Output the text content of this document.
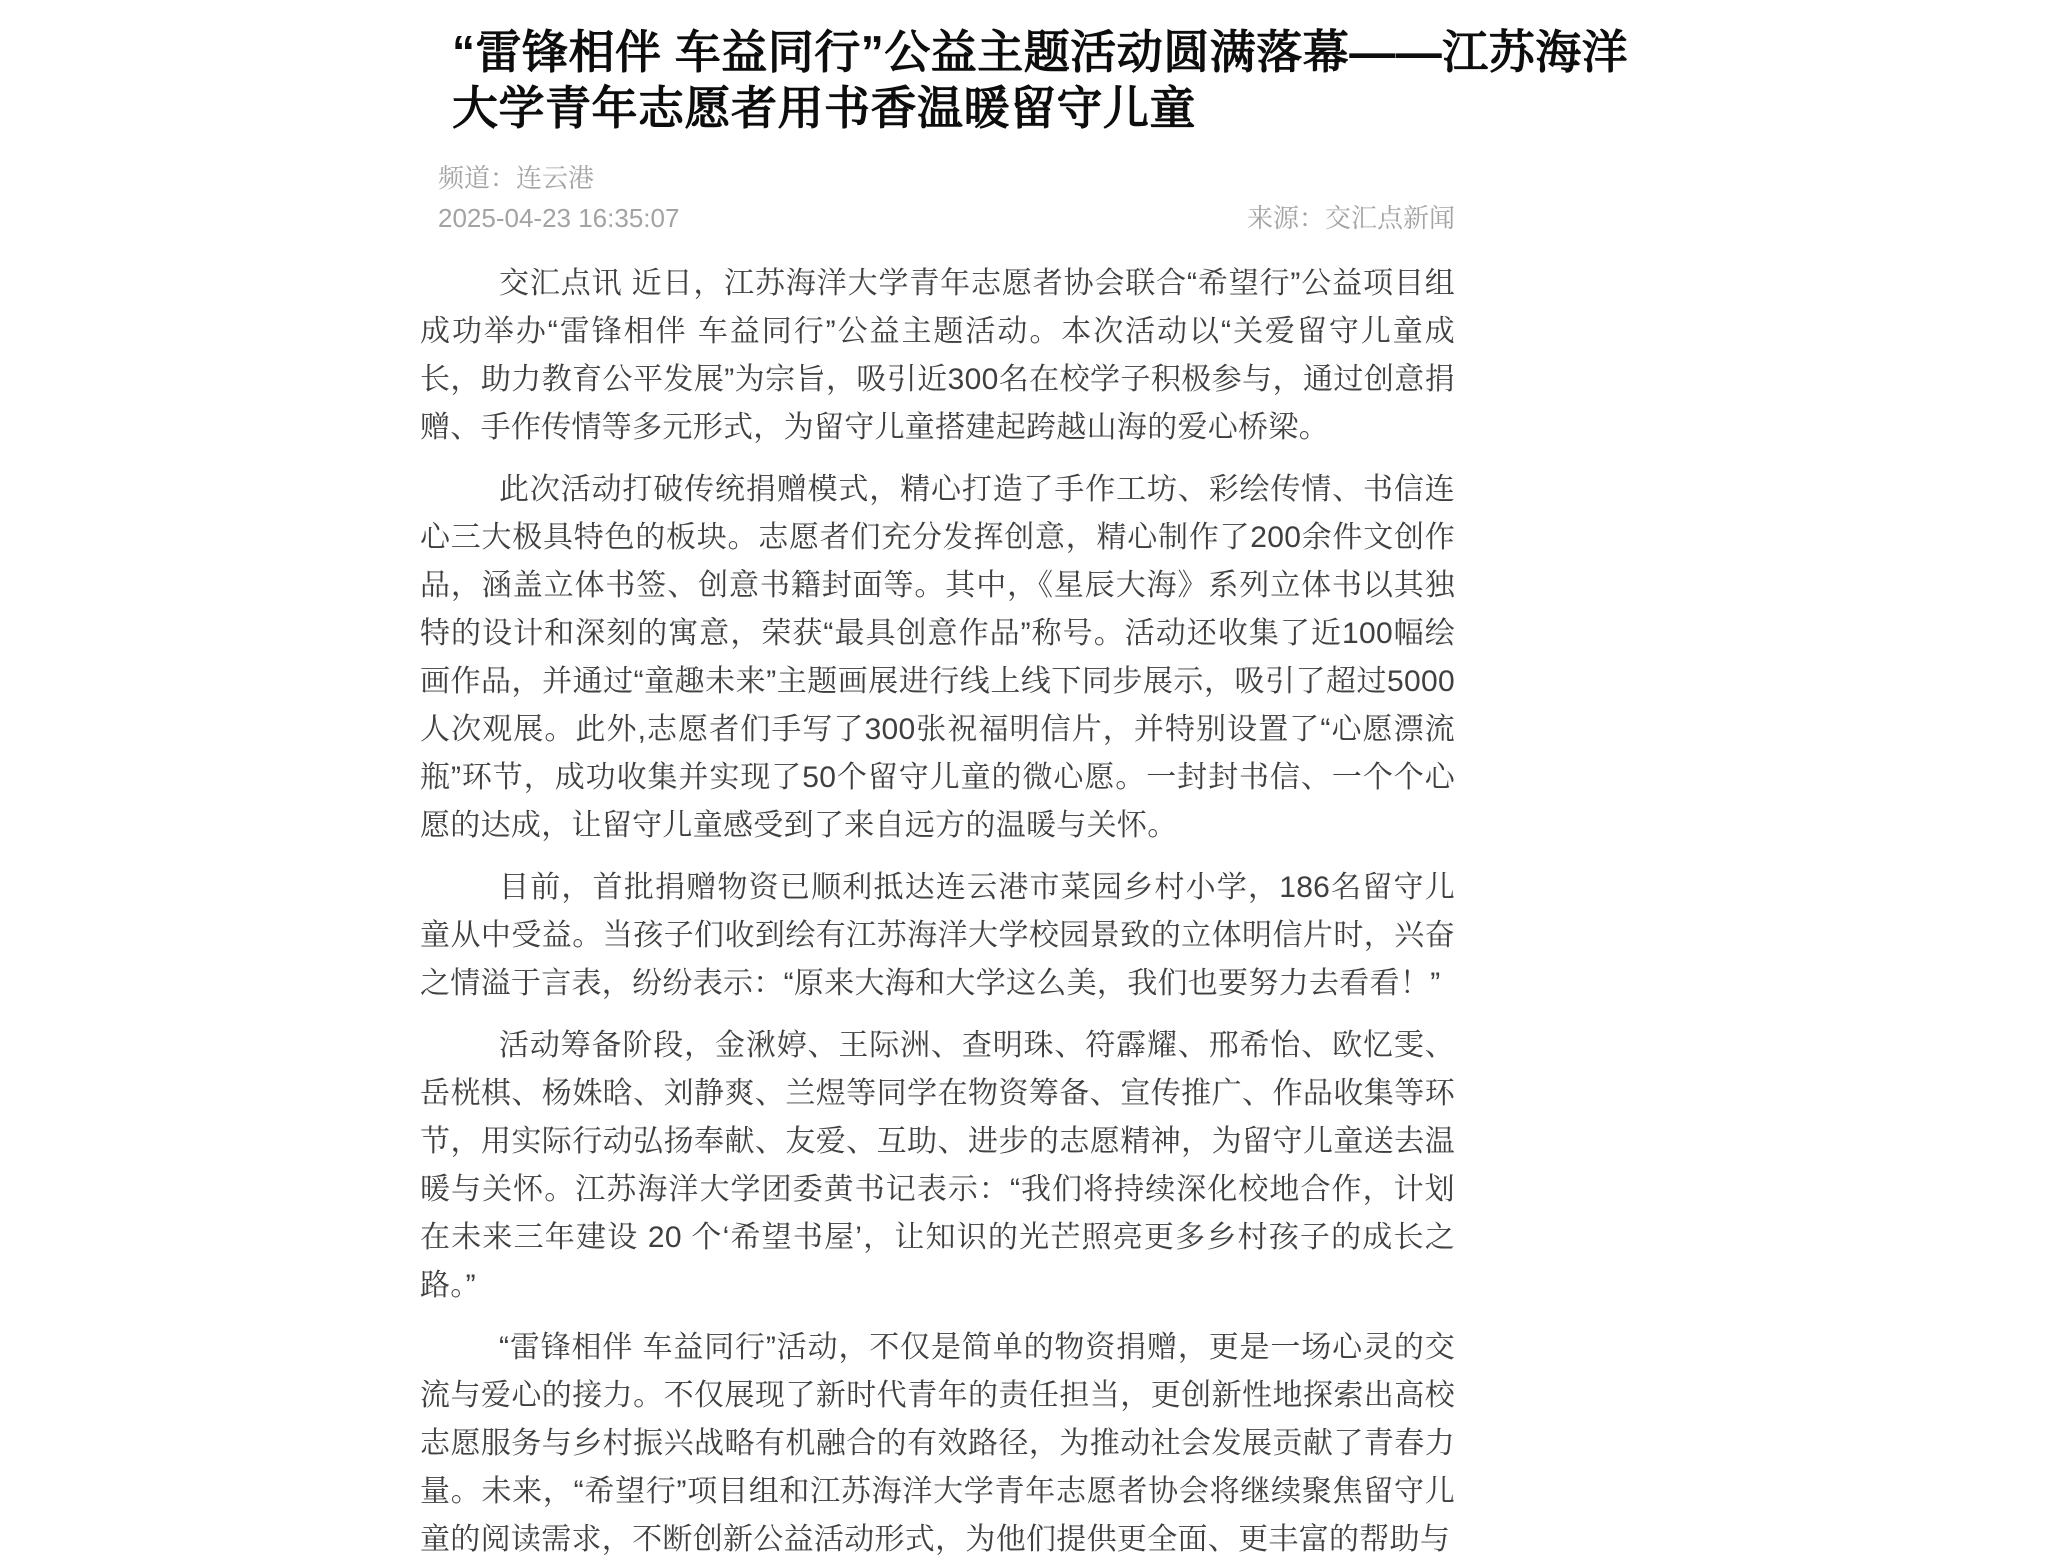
“雷锋相伴 车益同行”公益主题活动圆满落幕——江苏海洋大学青年志愿者用书香温暖留守儿童
频道：连云港
2025-04-23 16:35:07	来源：交汇点新闻

交汇点讯 近日，江苏海洋大学青年志愿者协会联合“希望行”公益项目组成功举办“雷锋相伴 车益同行”公益主题活动。本次活动以“关爱留守儿童成长，助力教育公平发展”为宗旨，吸引近300名在校学子积极参与，通过创意捐赠、手作传情等多元形式，为留守儿童搭建起跨越山海的爱心桥梁。

此次活动打破传统捐赠模式，精心打造了手作工坊、彩绘传情、书信连心三大极具特色的板块。志愿者们充分发挥创意，精心制作了200余件文创作品，涵盖立体书签、创意书籍封面等。其中，《星辰大海》系列立体书以其独特的设计和深刻的寓意，荣获“最具创意作品”称号。活动还收集了近100幅绘画作品，并通过“童趣未来”主题画展进行线上线下同步展示，吸引了超过5000人次观展。此外,志愿者们手写了300张祝福明信片，并特别设置了“心愿漂流瓶”环节，成功收集并实现了50个留守儿童的微心愿。一封封书信、一个个心愿的达成，让留守儿童感受到了来自远方的温暖与关怀。

目前，首批捐赠物资已顺利抵达连云港市菜园乡村小学，186名留守儿童从中受益。当孩子们收到绘有江苏海洋大学校园景致的立体明信片时，兴奋之情溢于言表，纷纷表示：“原来大海和大学这么美，我们也要努力去看看！”

活动筹备阶段，金湫婷、王际洲、查明珠、符霹耀、邢希怡、欧忆雯、岳桄棋、杨姝晗、刘静爽、兰煜等同学在物资筹备、宣传推广、作品收集等环节，用实际行动弘扬奉献、友爱、互助、进步的志愿精神，为留守儿童送去温暖与关怀。江苏海洋大学团委黄书记表示：“我们将持续深化校地合作，计划在未来三年建设 20 个‘希望书屋’，让知识的光芒照亮更多乡村孩子的成长之路。”

“雷锋相伴 车益同行”活动，不仅是简单的物资捐赠，更是一场心灵的交流与爱心的接力。不仅展现了新时代青年的责任担当，更创新性地探索出高校志愿服务与乡村振兴战略有机融合的有效路径，为推动社会发展贡献了青春力量。未来，“希望行”项目组和江苏海洋大学青年志愿者协会将继续聚焦留守儿童的阅读需求，不断创新公益活动形式，为他们提供更全面、更丰富的帮助与
